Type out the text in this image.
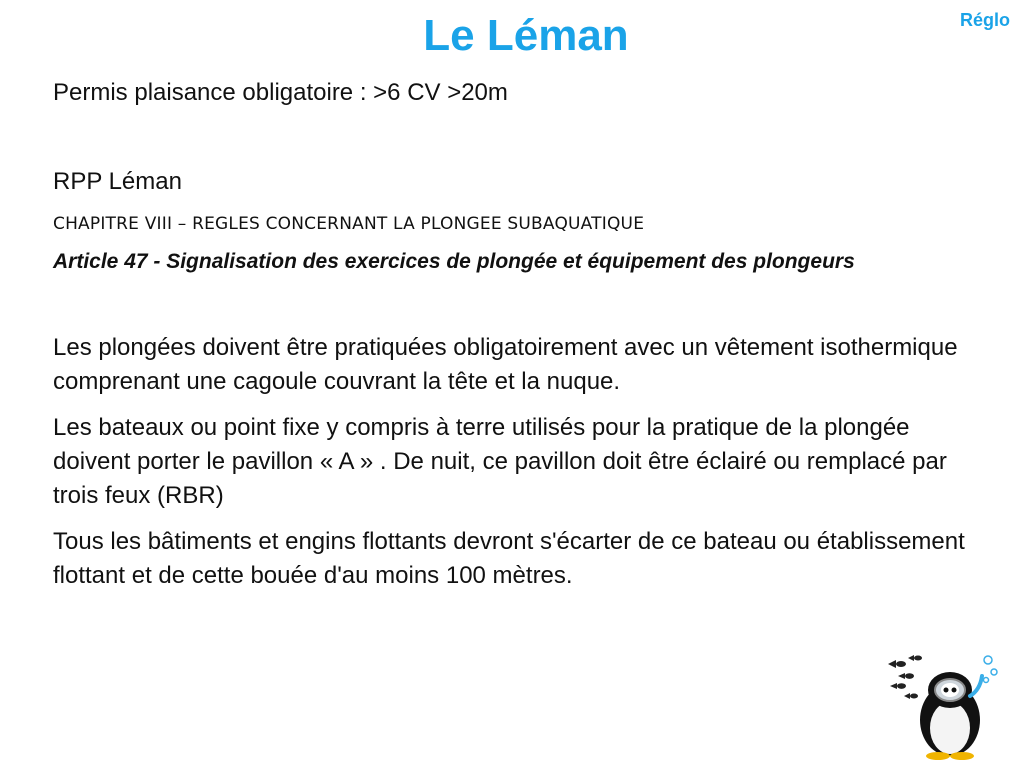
Réglo
Le Léman

Permis plaisance obligatoire : >6 CV >20m

RPP Léman

CHAPITRE VIII – REGLES CONCERNANT LA PLONGEE SUBAQUATIQUE

Article 47 - Signalisation des exercices de plongée et équipement des plongeurs

Les plongées doivent être pratiquées obligatoirement avec un vêtement isothermique comprenant une cagoule couvrant la tête et la nuque.

Les bateaux ou point fixe y compris à terre utilisés pour la pratique de la plongée doivent porter le pavillon « A » . De nuit, ce pavillon doit être éclairé ou remplacé par trois feux (RBR)

Tous les bâtiments et engins flottants devront s'écarter de ce bateau ou établissement flottant et de cette bouée d'au moins 100 mètres.
